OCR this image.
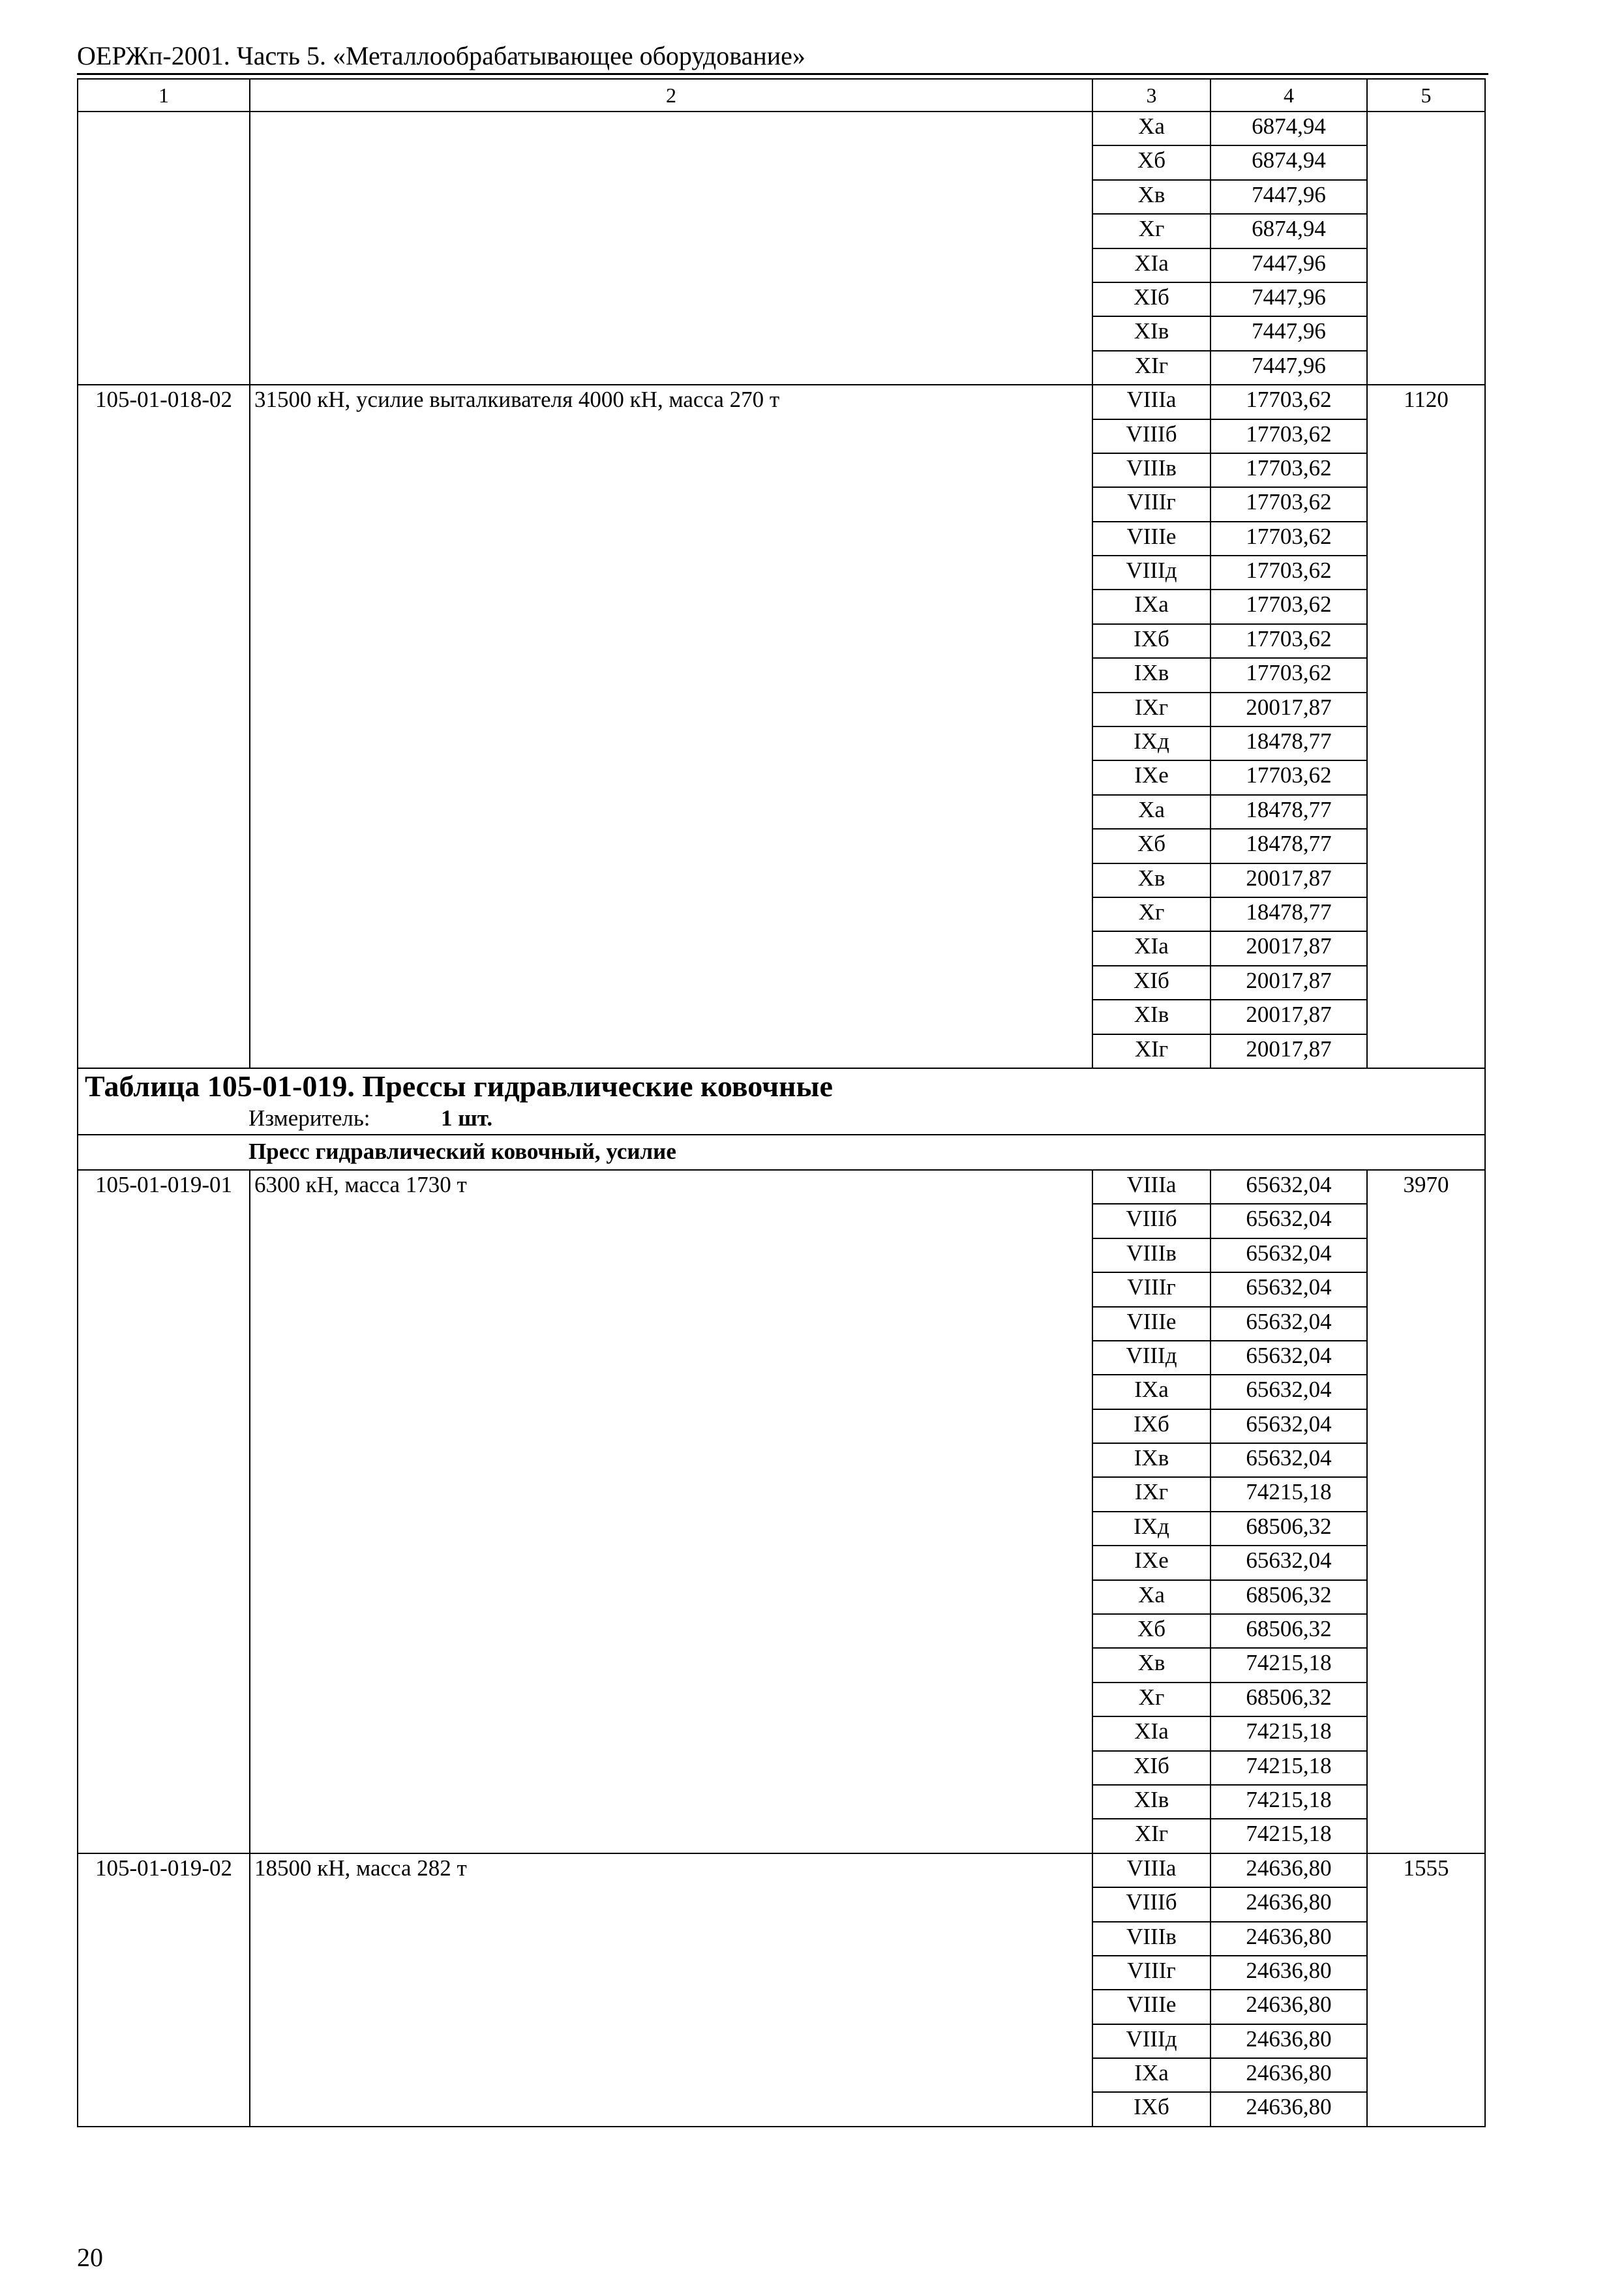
ОЕРЖп-2001. Часть 5. «Металлообрабатывающее оборудование»
1	2	3	4	5
		Xa	6874,94	
		Xб	6874,94	
		Xв	7447,96	
		Xг	6874,94	
		XIa	7447,96	
		XIб	7447,96	
		XIв	7447,96	
		XIг	7447,96	
105-01-018-02	31500 кН, усилие выталкивателя 4000 кН, масса 270 т	VIIIa	17703,62	1120
		VIIIб	17703,62	
		VIIIв	17703,62	
		VIIIг	17703,62	
		VIIIе	17703,62	
		VIIIд	17703,62	
		IXa	17703,62	
		IXб	17703,62	
		IXв	17703,62	
		IXг	20017,87	
		IXд	18478,77	
		IXе	17703,62	
		Xa	18478,77	
		Xб	18478,77	
		Xв	20017,87	
		Xг	18478,77	
		XIa	20017,87	
		XIб	20017,87	
		XIв	20017,87	
		XIг	20017,87	
Таблица 105-01-019. Прессы гидравлические ковочные				

Измеритель: 1 шт.				

Пресс гидравлический ковочный, усилие				

105-01-019-01	6300 кН, масса 1730 т	VIIIa	65632,04	3970
		VIIIб	65632,04	
		VIIIв	65632,04	
		VIIIг	65632,04	
		VIIIе	65632,04	
		VIIIд	65632,04	
		IXa	65632,04	
		IXб	65632,04	
		IXв	65632,04	
		IXг	74215,18	
		IXд	68506,32	
		IXе	65632,04	
		Xa	68506,32	
		Xб	68506,32	
		Xв	74215,18	
		Xг	68506,32	
		XIa	74215,18	
		XIб	74215,18	
		XIв	74215,18	
		XIг	74215,18	
105-01-019-02	18500 кН, масса 282 т	VIIIa	24636,80	1555
		VIIIб	24636,80	
		VIIIв	24636,80	
		VIIIг	24636,80	
		VIIIе	24636,80	
		VIIIд	24636,80	
		IXa	24636,80	
		IXб	24636,80	
20
